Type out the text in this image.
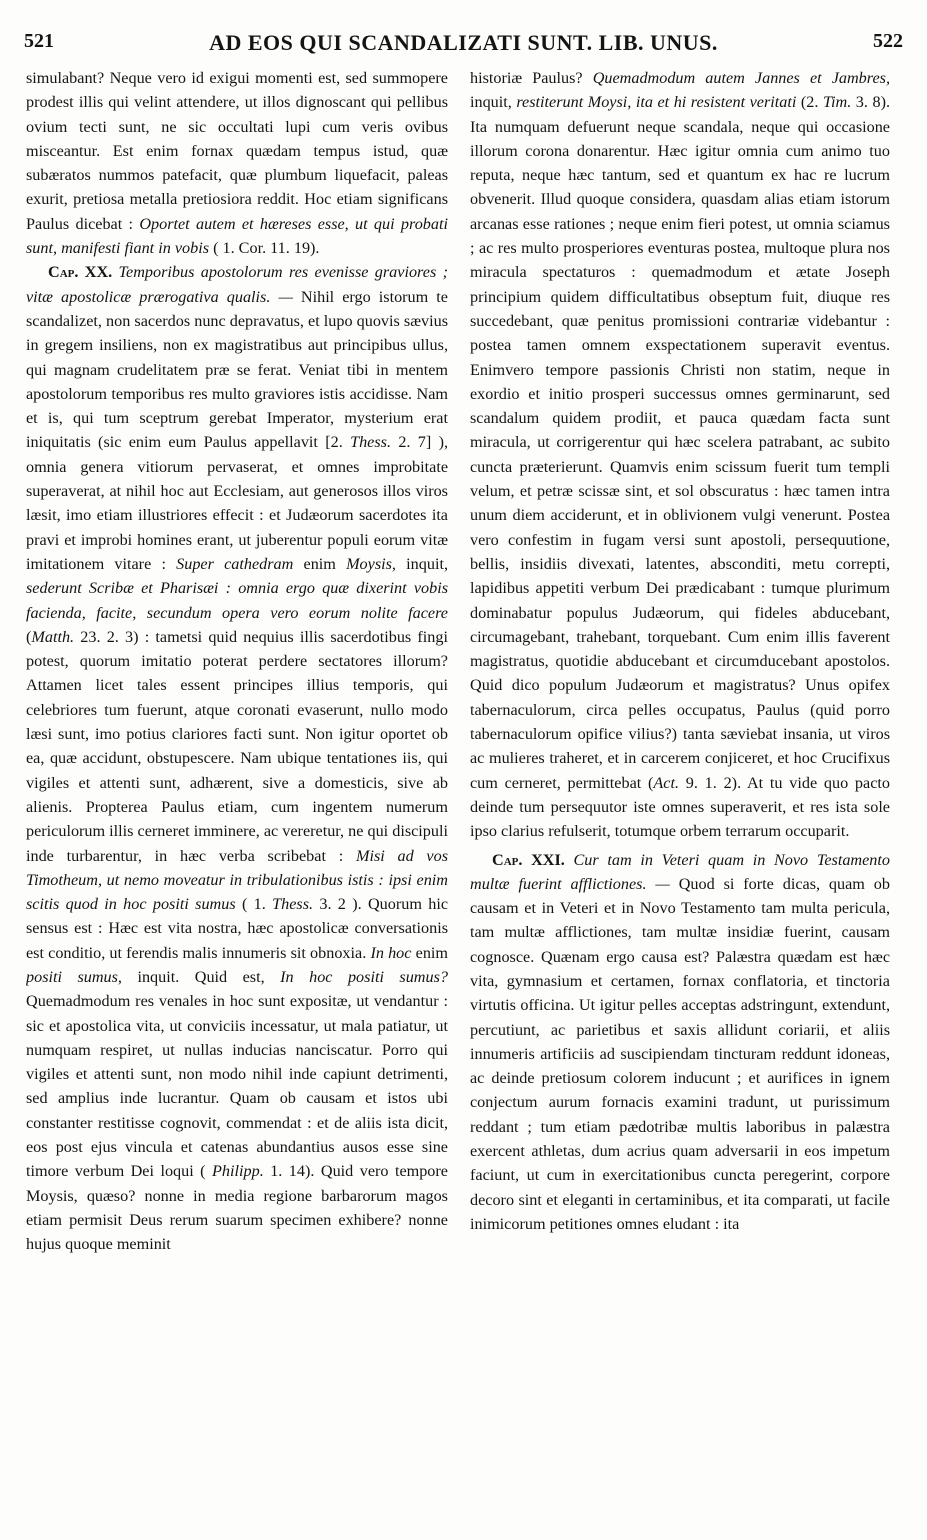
521	AD EOS QUI SCANDALIZATI SUNT. LIB. UNUS.	522

simulabant? Neque vero id exigui momenti est, sed summopere prodest illis qui velint attendere, ut illos dignoscant qui pellibus ovium tecti sunt, ne sic occultati lupi cum veris ovibus misceantur. Est enim fornax quædam tempus istud, quæ subæratos nummos patefacit, quæ plumbum liquefacit, paleas exurit, pretiosa metalla pretiosiora reddit. Hoc etiam significans Paulus dicebat : Oportet autem et hæreses esse, ut qui probati sunt, manifesti fiant in vobis ( 1. Cor. 11. 19).

Cap. XX. Temporibus apostolorum res evenisse graviores ; vitæ apostolicæ prærogativa qualis. — Nihil ergo istorum te scandalizet, non sacerdos nunc depravatus, et lupo quovis sævius in gregem insiliens, non ex magistratibus aut principibus ullus, qui magnam crudelitatem præ se ferat. Veniat tibi in mentem apostolorum temporibus res multo graviores istis accidisse. Nam et is, qui tum sceptrum gerebat Imperator, mysterium erat iniquitatis (sic enim eum Paulus appellavit [2. Thess. 2. 7] ), omnia genera vitiorum pervaserat, et omnes improbitate superaverat, at nihil hoc aut Ecclesiam, aut generosos illos viros læsit, imo etiam illustriores effecit : et Judæorum sacerdotes ita pravi et improbi homines erant, ut juberentur populi eorum vitæ imitationem vitare : Super cathedram enim Moysis, inquit, sederunt Scribæ et Pharisæi : omnia ergo quæ dixerint vobis facienda, facite, secundum opera vero eorum nolite facere (Matth. 23. 2. 3) : tametsi quid nequius illis sacerdotibus fingi potest, quorum imitatio poterat perdere sectatores illorum? Attamen licet tales essent principes illius temporis, qui celebriores tum fuerunt, atque coronati evaserunt, nullo modo læsi sunt, imo potius clariores facti sunt. Non igitur oportet ob ea, quæ accidunt, obstupescere. Nam ubique tentationes iis, qui vigiles et attenti sunt, adhærent, sive a domesticis, sive ab alienis. Propterea Paulus etiam, cum ingentem numerum periculorum illis cerneret imminere, ac vereretur, ne qui discipuli inde turbarentur, in hæc verba scribebat : Misi ad vos Timotheum, ut nemo moveatur in tribulationibus istis : ipsi enim scitis quod in hoc positi sumus ( 1. Thess. 3. 2 ). Quorum hic sensus est : Hæc est vita nostra, hæc apostolicæ conversationis est conditio, ut ferendis malis innumeris sit obnoxia. In hoc enim positi sumus, inquit. Quid est, In hoc positi sumus? Quemadmodum res venales in hoc sunt expositæ, ut vendantur : sic et apostolica vita, ut conviciis incessatur, ut mala patiatur, ut numquam respiret, ut nullas inducias nanciscatur. Porro qui vigiles et attenti sunt, non modo nihil inde capiunt detrimenti, sed amplius inde lucrantur. Quam ob causam et istos ubi constanter restitisse cognovit, commendat : et de aliis ista dicit, eos post ejus vincula et catenas abundantius ausos esse sine timore verbum Dei loqui ( Philipp. 1. 14). Quid vero tempore Moysis, quæso? nonne in media regione barbarorum magos etiam permisit Deus rerum suarum specimen exhibere? nonne hujus quoque meminit

historiæ Paulus? Quemadmodum autem Jannes et Jambres, inquit, restiterunt Moysi, ita et hi resistent veritati (2. Tim. 3. 8). Ita numquam defuerunt neque scandala, neque qui occasione illorum corona donarentur. Hæc igitur omnia cum animo tuo reputa, neque hæc tantum, sed et quantum ex hac re lucrum obvenerit. Illud quoque considera, quasdam alias etiam istorum arcanas esse rationes ; neque enim fieri potest, ut omnia sciamus ; ac res multo prosperiores eventuras postea, multoque plura nos miracula spectaturos : quemadmodum et ætate Joseph principium quidem difficultatibus obseptum fuit, diuque res succedebant, quæ penitus promissioni contrariæ videbantur : postea tamen omnem exspectationem superavit eventus. Enimvero tempore passionis Christi non statim, neque in exordio et initio prosperi successus omnes germinarunt, sed scandalum quidem prodiit, et pauca quædam facta sunt miracula, ut corrigerentur qui hæc scelera patrabant, ac subito cuncta præterierunt. Quamvis enim scissum fuerit tum templi velum, et petræ scissæ sint, et sol obscuratus : hæc tamen intra unum diem acciderunt, et in oblivionem vulgi venerunt. Postea vero confestim in fugam versi sunt apostoli, persequutione, bellis, insidiis divexati, latentes, absconditi, metu correpti, lapidibus appetiti verbum Dei prædicabant : tumque plurimum dominabatur populus Judæorum, qui fideles abducebant, circumagebant, trahebant, torquebant. Cum enim illis faverent magistratus, quotidie abducebant et circumducebant apostolos. Quid dico populum Judæorum et magistratus? Unus opifex tabernaculorum, circa pelles occupatus, Paulus (quid porro tabernaculorum opifice vilius?) tanta sæviebat insania, ut viros ac mulieres traheret, et in carcerem conjiceret, et hoc Crucifixus cum cerneret, permittebat (Act. 9. 1. 2). At tu vide quo pacto deinde tum persequutor iste omnes superaverit, et res ista sole ipso clarius refulserit, totumque orbem terrarum occuparit.

Cap. XXI. Cur tam in Veteri quam in Novo Testamento multæ fuerint afflictiones. — Quod si forte dicas, quam ob causam et in Veteri et in Novo Testamento tam multa pericula, tam multæ afflictiones, tam multæ insidiæ fuerint, causam cognosce. Quænam ergo causa est? Palæstra quædam est hæc vita, gymnasium et certamen, fornax conflatoria, et tinctoria virtutis officina. Ut igitur pelles acceptas adstringunt, extendunt, percutiunt, ac parietibus et saxis allidunt coriarii, et aliis innumeris artificiis ad suscipiendam tincturam reddunt idoneas, ac deinde pretiosum colorem inducunt ; et aurifices in ignem conjectum aurum fornacis examini tradunt, ut purissimum reddant ; tum etiam pædotribæ multis laboribus in palæstra exercent athletas, dum acrius quam adversarii in eos impetum faciunt, ut cum in exercitationibus cuncta peregerint, corpore decoro sint et eleganti in certaminibus, et ita comparati, ut facile inimicorum petitiones omnes eludant : ita
